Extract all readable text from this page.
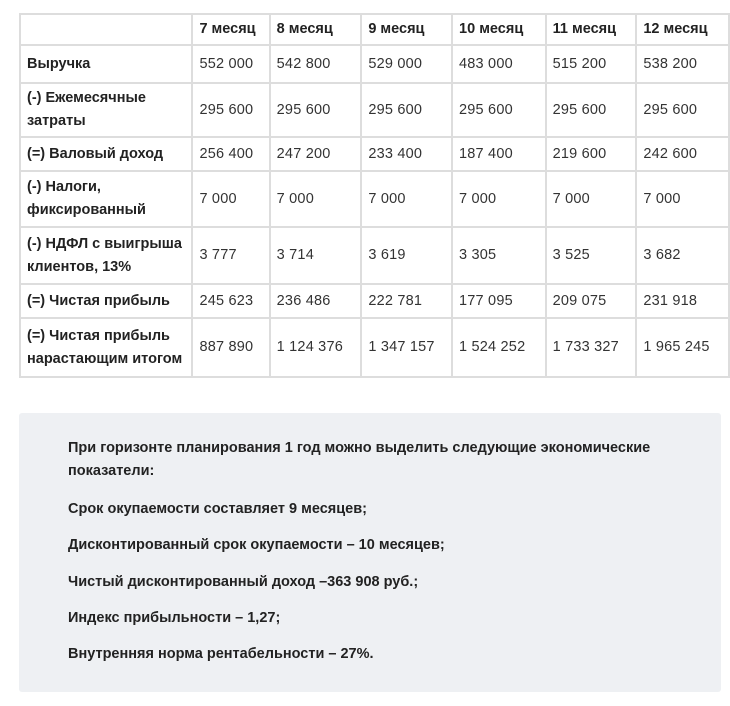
	7 месяц	8 месяц	9 месяц	10 месяц	11 месяц	12 месяц
Выручка	552 000	542 800	529 000	483 000	515 200	538 200
(-) Ежемесячные затраты	295 600	295 600	295 600	295 600	295 600	295 600
(=) Валовый доход	256 400	247 200	233 400	187 400	219 600	242 600
(-) Налоги, фиксированный	7 000	7 000	7 000	7 000	7 000	7 000
(-) НДФЛ с выигрыша клиентов, 13%	3 777	3 714	3 619	3 305	3 525	3 682
(=) Чистая прибыль	245 623	236 486	222 781	177 095	209 075	231 918
(=) Чистая прибыль нарастающим итогом	887 890	1 124 376	1 347 157	1 524 252	1 733 327	1 965 245

При горизонте планирования 1 год можно выделить следующие экономические показатели:

Срок окупаемости составляет 9 месяцев;

Дисконтированный срок окупаемости – 10 месяцев;

Чистый дисконтированный доход –363 908 руб.;

Индекс прибыльности – 1,27;

Внутренняя норма рентабельности – 27%.
